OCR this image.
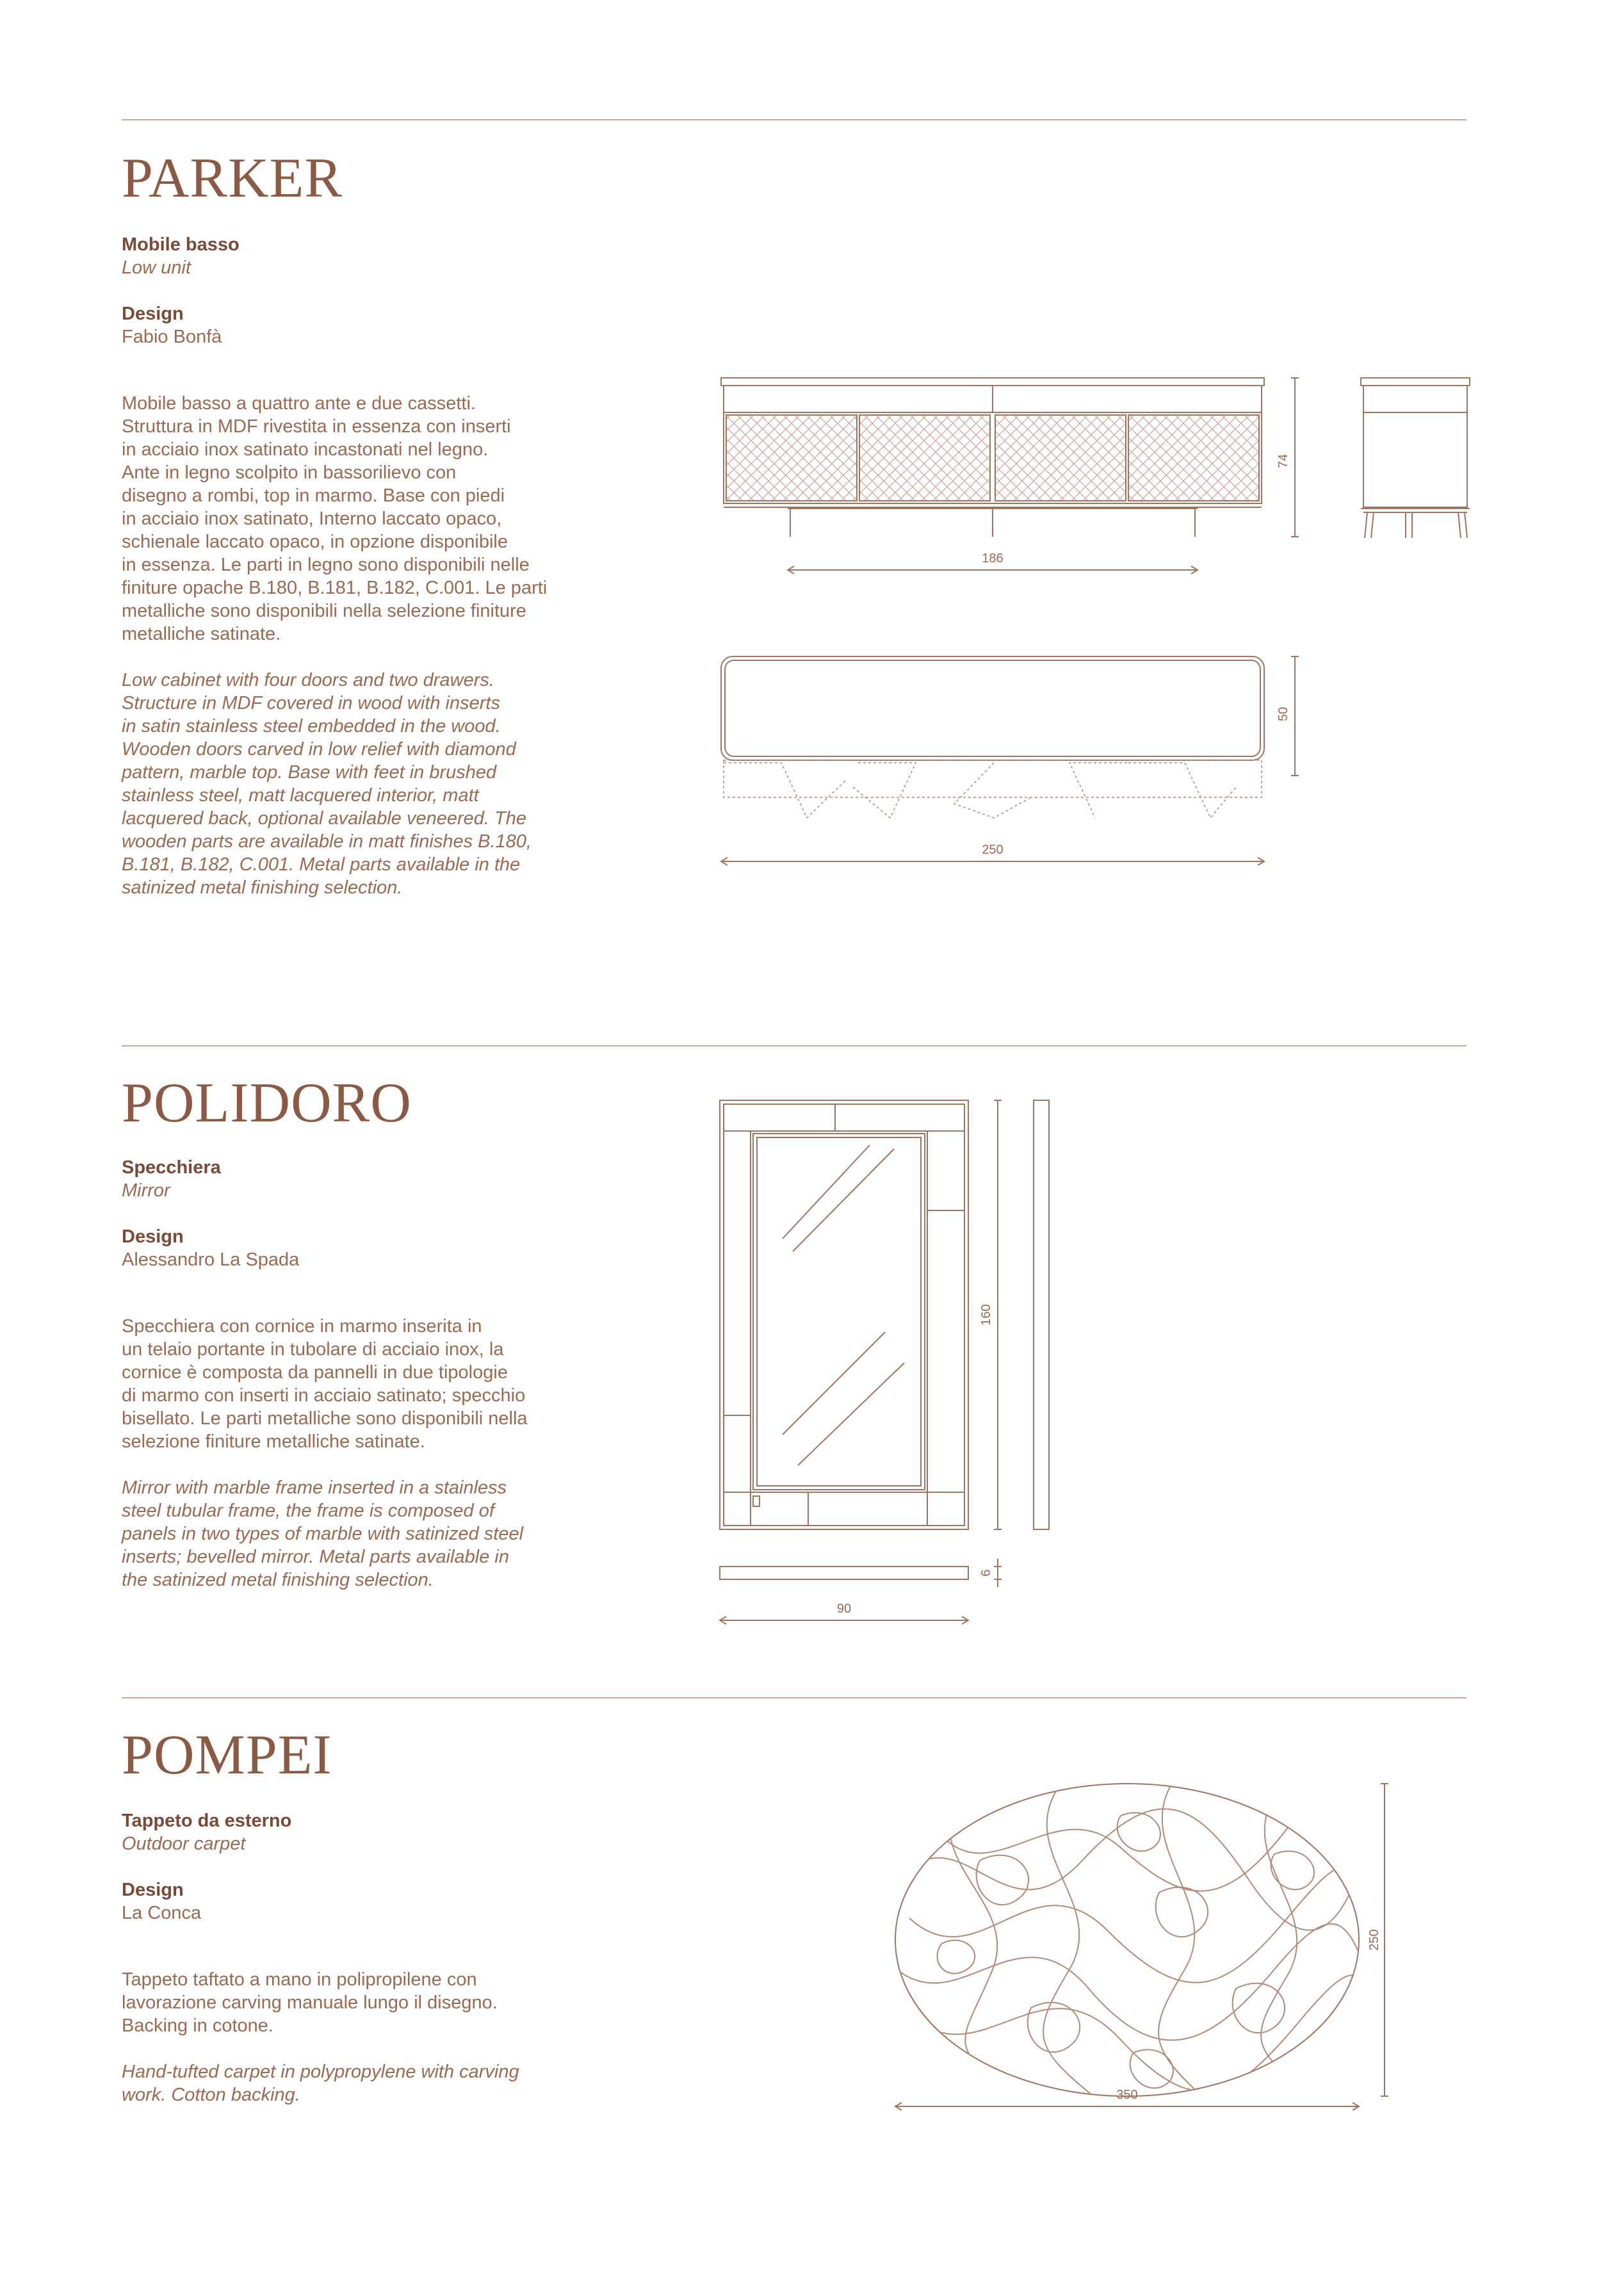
PARKER
Mobile basso
Low unit
Design
Fabio Bonfà
Mobile basso a quattro ante e due cassetti.
Struttura in MDF rivestita in essenza con inserti
in acciaio inox satinato incastonati nel legno.
Ante in legno scolpito in bassorilievo con
disegno a rombi, top in marmo. Base con piedi
in acciaio inox satinato, Interno laccato opaco,
schienale laccato opaco, in opzione disponibile
in essenza. Le parti in legno sono disponibili nelle
finiture opache B.180, B.181, B.182, C.001. Le parti
metalliche sono disponibili nella selezione finiture
metalliche satinate.
Low cabinet with four doors and two drawers.
Structure in MDF covered in wood with inserts
in satin stainless steel embedded in the wood.
Wooden doors carved in low relief with diamond
pattern, marble top. Base with feet in brushed
stainless steel, matt lacquered interior, matt
lacquered back, optional available veneered. The
wooden parts are available in matt finishes B.180,
B.181, B.182, C.001. Metal parts available in the
satinized metal finishing selection.
74
186
50
250
POLIDORO
Specchiera
Mirror
Design
Alessandro La Spada
Specchiera con cornice in marmo inserita in
un telaio portante in tubolare di acciaio inox, la
cornice è composta da pannelli in due tipologie
di marmo con inserti in acciaio satinato; specchio
bisellato. Le parti metalliche sono disponibili nella
selezione finiture metalliche satinate.
Mirror with marble frame inserted in a stainless
steel tubular frame, the frame is composed of
panels in two types of marble with satinized steel
inserts; bevelled mirror. Metal parts available in
the satinized metal finishing selection.
160
6
90
POMPEI
Tappeto da esterno
Outdoor carpet
Design
La Conca
Tappeto taftato a mano in polipropilene con
lavorazione carving manuale lungo il disegno.
Backing in cotone.
Hand-tufted carpet in polypropylene with carving
work. Cotton backing.
250
350
